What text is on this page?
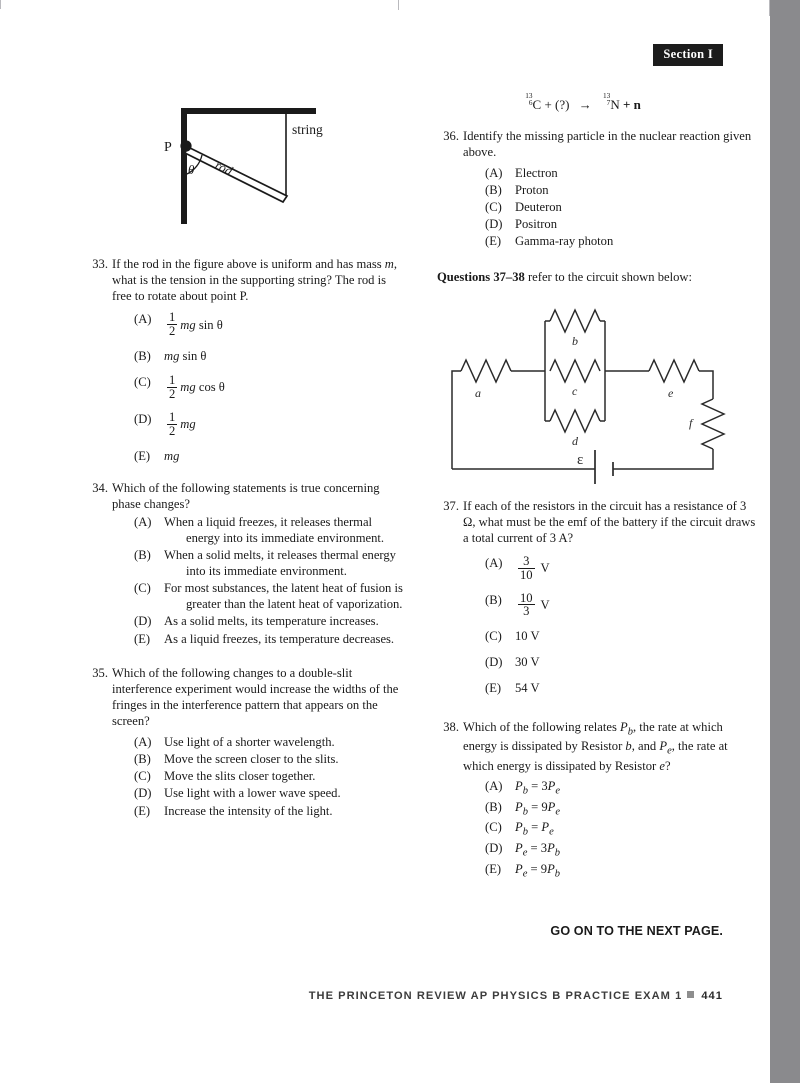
Section I
P
θ rod
string
33. If the rod in the figure above is uniform and has mass m, what is the tension in the supporting string? The rod is free to rotate about point P.
(A)	$\frac{1}{2}$ mg sin θ
(B)	mg sin θ
(C)	$\frac{1}{2}$ mg cos θ
(D)	$\frac{1}{2}$ mg
(E)	mg
34. Which of the following statements is true concerning phase changes?
(A) When a liquid freezes, it releases thermal
energy into its immediate environment.
(B)	When a solid melts, it releases thermal energy
into its immediate environment.
(C)	For most substances, the latent heat of fusion is
greater than the latent heat of vaporization.
(D) As a solid melts, its temperature increases.
(E)	As a liquid freezes, its temperature decreases.
35. Which of the following changes to a double-slit interference experiment would increase the widths of the fringes in the interference pattern that appears on the screen?
(A) Use light of a shorter wavelength.
(B)	Move the screen closer to the slits.
(C)	Move the slits closer together.
(D) Use light with a lower wave speed.
(E)	Increase the intensity of the light.
13
6 C + (?) →
13
7 N + n
36. Identify the missing particle in the nuclear reaction given above.
(A) Electron
(B)	Proton
(C)	Deuteron
(D) Positron
(E)	Gamma-ray photon
Questions 37–38 refer to the circuit shown below:
a
b
c
d
e
f
ε
37. If each of the resistors in the circuit has a resistance of 3 Ω, what must be the emf of the battery if the circuit draws a total current of 3 A?
(A)	$\frac{3}{10}$ V
(B)	$\frac{10}{3}$ V
(C)	10 V
(D) 30 V
(E)	54 V
38. Which of the following relates $P_b$, the rate at which energy is dissipated by Resistor b, and $P_e$, the rate at which energy is dissipated by Resistor e?
(A) $P_b = 3P_e$
(B)	$P_b = 9P_e$
(C)	$P_b = P_e$
(D) $P_e = 3P_b$
(E)	$P_e = 9P_b$
GO ON TO THE NEXT PAGE.
THE PRINCETON REVIEW AP PHYSICS B PRACTICE EXAM 1 441
